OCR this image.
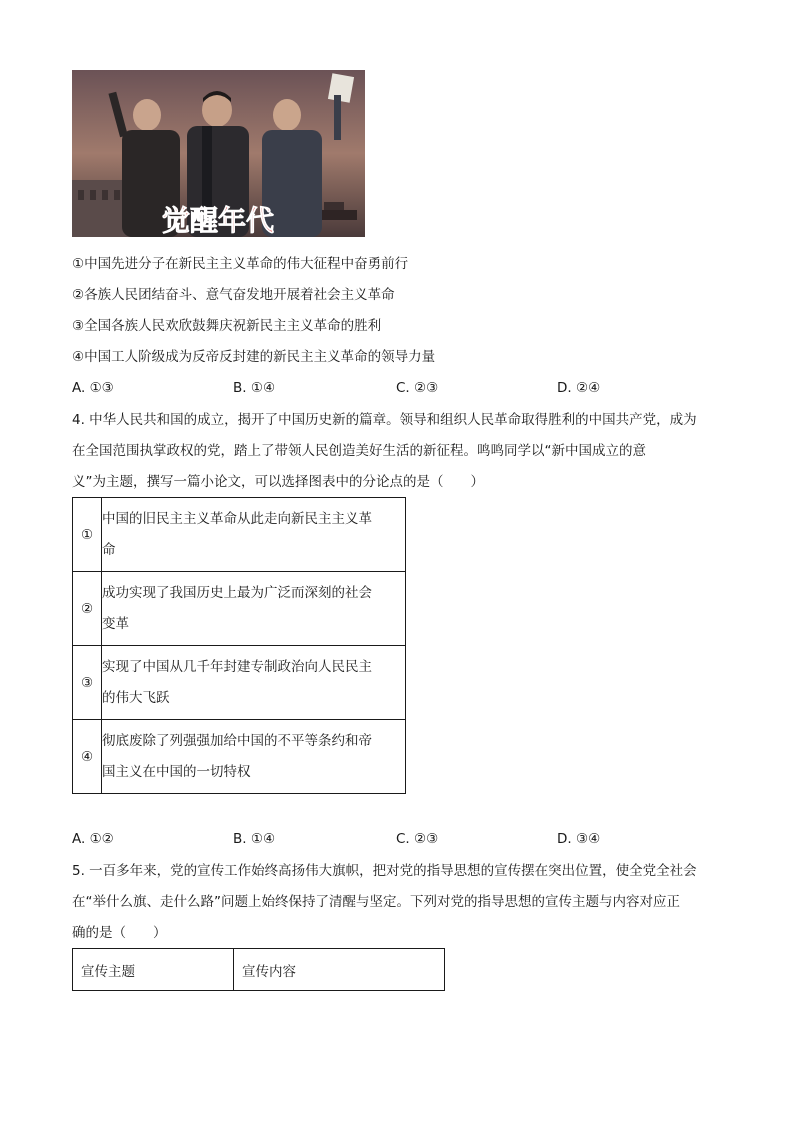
觉醒年代
①中国先进分子在新民主主义革命的伟大征程中奋勇前行
②各族人民团结奋斗、意气奋发地开展着社会主义革命
③全国各族人民欢欣鼓舞庆祝新民主主义革命的胜利
④中国工人阶级成为反帝反封建的新民主主义革命的领导力量
A. ①③	B. ①④	C. ②③	D. ②④
4. 中华人民共和国的成立，揭开了中国历史新的篇章。领导和组织人民革命取得胜利的中国共产党，成为
在全国范围执掌政权的党，踏上了带领人民创造美好生活的新征程。鸣鸣同学以“新中国成立的意
义”为主题，撰写一篇小论文，可以选择图表中的分论点的是（　　）
①	中国的旧民主主义革命从此走向新民主主义革
命

②	成功实现了我国历史上最为广泛而深刻的社会
变革

③	实现了中国从几千年封建专制政治向人民民主
的伟大飞跃

④	彻底废除了列强强加给中国的不平等条约和帝
国主义在中国的一切特权
A. ①②	B. ①④	C. ②③	D. ③④
5. 一百多年来，党的宣传工作始终高扬伟大旗帜，把对党的指导思想的宣传摆在突出位置，使全党全社会
在“举什么旗、走什么路”问题上始终保持了清醒与坚定。下列对党的指导思想的宣传主题与内容对应正
确的是（　　）
宣传主题	宣传内容
